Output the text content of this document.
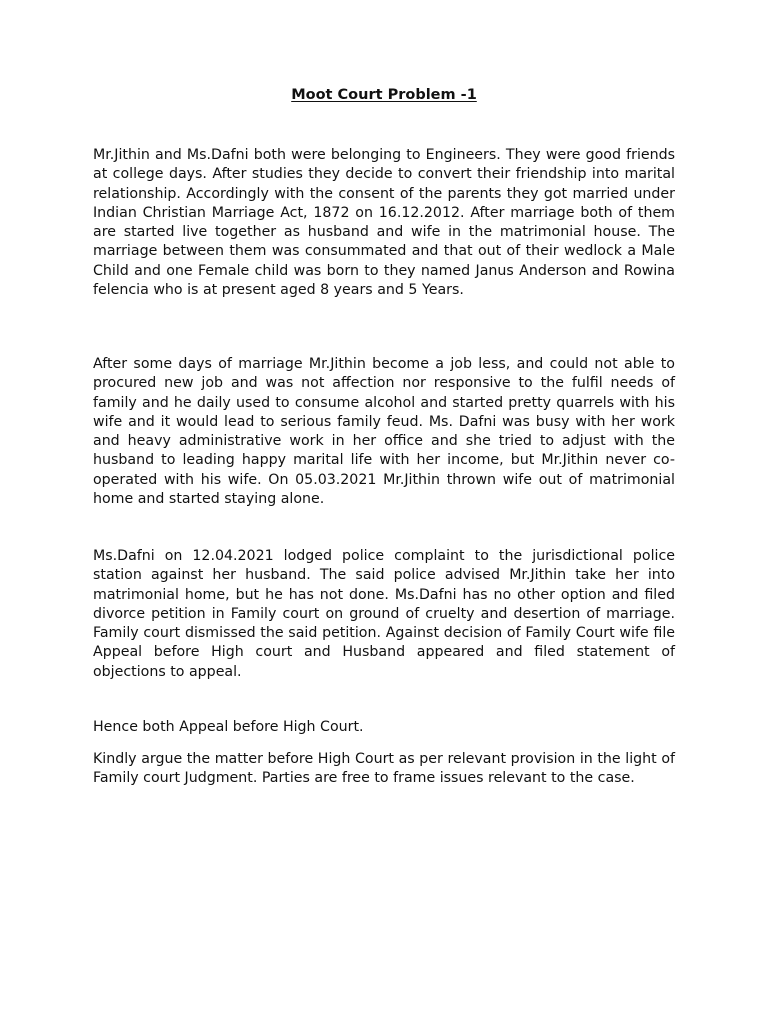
Moot Court Problem -1

Mr.Jithin and Ms.Dafni both were belonging to Engineers. They were good friends at college days. After studies they decide to convert their friendship into marital relationship. Accordingly with the consent of the parents they got married under Indian Christian Marriage Act, 1872 on 16.12.2012. After marriage both of them are started live together as husband and wife in the matrimonial house. The marriage between them was consummated and that out of their wedlock a Male Child and one Female child was born to they named Janus Anderson and Rowina felencia who is at present aged 8 years and 5 Years.

After some days of marriage Mr.Jithin become a job less, and could not able to procured new job and was not affection nor responsive to the fulfil needs of family and he daily used to consume alcohol and started pretty quarrels with his wife and it would lead to serious family feud. Ms. Dafni was busy with her work and heavy administrative work in her office and she tried to adjust with the husband to leading happy marital life with her income, but Mr.Jithin never co-operated with his wife. On 05.03.2021 Mr.Jithin thrown wife out of matrimonial home and started staying alone.

Ms.Dafni on 12.04.2021 lodged police complaint to the jurisdictional police station against her husband. The said police advised Mr.Jithin take her into matrimonial home, but he has not done. Ms.Dafni has no other option and filed divorce petition in Family court on ground of cruelty and desertion of marriage. Family court dismissed the said petition. Against decision of Family Court wife file Appeal before High court and Husband appeared and filed statement of objections to appeal.

Hence both Appeal before High Court.

Kindly argue the matter before High Court as per relevant provision in the light of Family court Judgment. Parties are free to frame issues relevant to the case.
